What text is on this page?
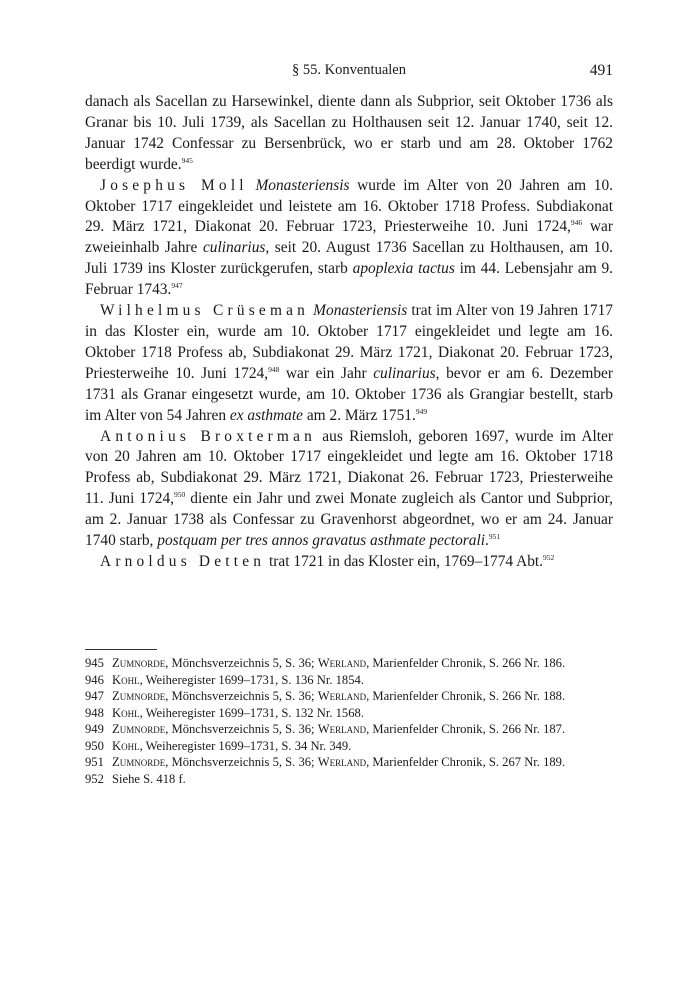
§ 55. Konventualen	491

danach als Sacellan zu Harsewinkel, diente dann als Subprior, seit Oktober 1736 als Granar bis 10. Juli 1739, als Sacellan zu Holthausen seit 12. Januar 1740, seit 12. Januar 1742 Confessar zu Bersenbrück, wo er starb und am 28. Oktober 1762 beerdigt wurde.$^{945}$

Josephus Moll Monasteriensis wurde im Alter von 20 Jahren am 10. Oktober 1717 eingekleidet und leistete am 16. Oktober 1718 Profess. Subdiakonat 29. März 1721, Diakonat 20. Februar 1723, Priesterweihe 10. Juni 1724,$^{946}$ war zweieinhalb Jahre culinarius, seit 20. August 1736 Sacellan zu Holthausen, am 10. Juli 1739 ins Kloster zurückgerufen, starb apoplexia tactus im 44. Lebensjahr am 9. Februar 1743.$^{947}$

Wilhelmus Crüseman Monasteriensis trat im Alter von 19 Jahren 1717 in das Kloster ein, wurde am 10. Oktober 1717 eingekleidet und legte am 16. Oktober 1718 Profess ab, Subdiakonat 29. März 1721, Diakonat 20. Februar 1723, Priesterweihe 10. Juni 1724,$^{948}$ war ein Jahr culinarius, bevor er am 6. Dezember 1731 als Granar eingesetzt wurde, am 10. Oktober 1736 als Grangiar bestellt, starb im Alter von 54 Jahren ex asthmate am 2. März 1751.$^{949}$

Antonius Broxterman aus Riemsloh, geboren 1697, wurde im Alter von 20 Jahren am 10. Oktober 1717 eingekleidet und legte am 16. Oktober 1718 Profess ab, Subdiakonat 29. März 1721, Diakonat 26. Februar 1723, Priesterweihe 11. Juni 1724,$^{950}$ diente ein Jahr und zwei Monate zugleich als Cantor und Subprior, am 2. Januar 1738 als Confessar zu Gravenhorst abgeordnet, wo er am 24. Januar 1740 starb, postquam per tres annos gravatus asthmate pectorali.$^{951}$

Arnoldus Detten trat 1721 in das Kloster ein, 1769–1774 Abt.$^{952}$

945 Zumnorde, Mönchsverzeichnis 5, S. 36; Werland, Marienfelder Chronik, S. 266 Nr. 186.
946 Kohl, Weiheregister 1699–1731, S. 136 Nr. 1854.
947 Zumnorde, Mönchsverzeichnis 5, S. 36; Werland, Marienfelder Chronik, S. 266 Nr. 188.
948 Kohl, Weiheregister 1699–1731, S. 132 Nr. 1568.
949 Zumnorde, Mönchsverzeichnis 5, S. 36; Werland, Marienfelder Chronik, S. 266 Nr. 187.
950 Kohl, Weiheregister 1699–1731, S. 34 Nr. 349.
951 Zumnorde, Mönchsverzeichnis 5, S. 36; Werland, Marienfelder Chronik, S. 267 Nr. 189.
952 Siehe S. 418 f.
